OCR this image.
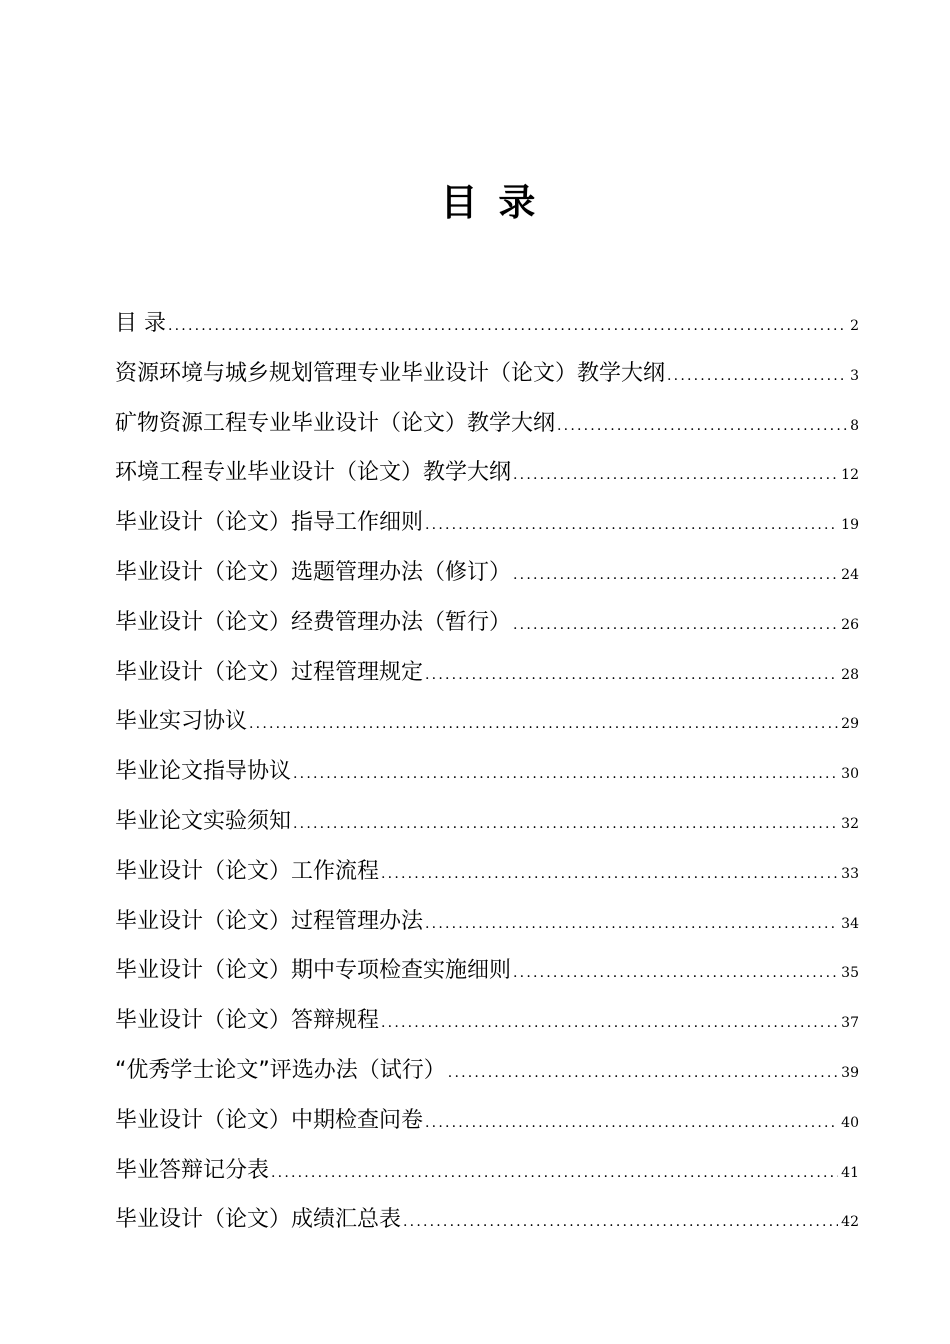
目 录
目 录 .....	2
资源环境与城乡规划管理专业毕业设计（论文）教学大纲 .....	3
矿物资源工程专业毕业设计（论文）教学大纲 .....	8
环境工程专业毕业设计（论文）教学大纲 .....	12
毕业设计（论文）指导工作细则 .....	19
毕业设计（论文）选题管理办法（修订） .....	24
毕业设计（论文）经费管理办法（暂行） .....	26
毕业设计（论文）过程管理规定 .....	28
毕业实习协议 .....	29
毕业论文指导协议 .....	30
毕业论文实验须知 .....	32
毕业设计（论文）工作流程 .....	33
毕业设计（论文）过程管理办法 .....	34
毕业设计（论文）期中专项检查实施细则 .....	35
毕业设计（论文）答辩规程 .....	37
“优秀学士论文”评选办法（试行） .....	39
毕业设计（论文）中期检查问卷 .....	40
毕业答辩记分表 .....	41
毕业设计（论文）成绩汇总表 .....	42
